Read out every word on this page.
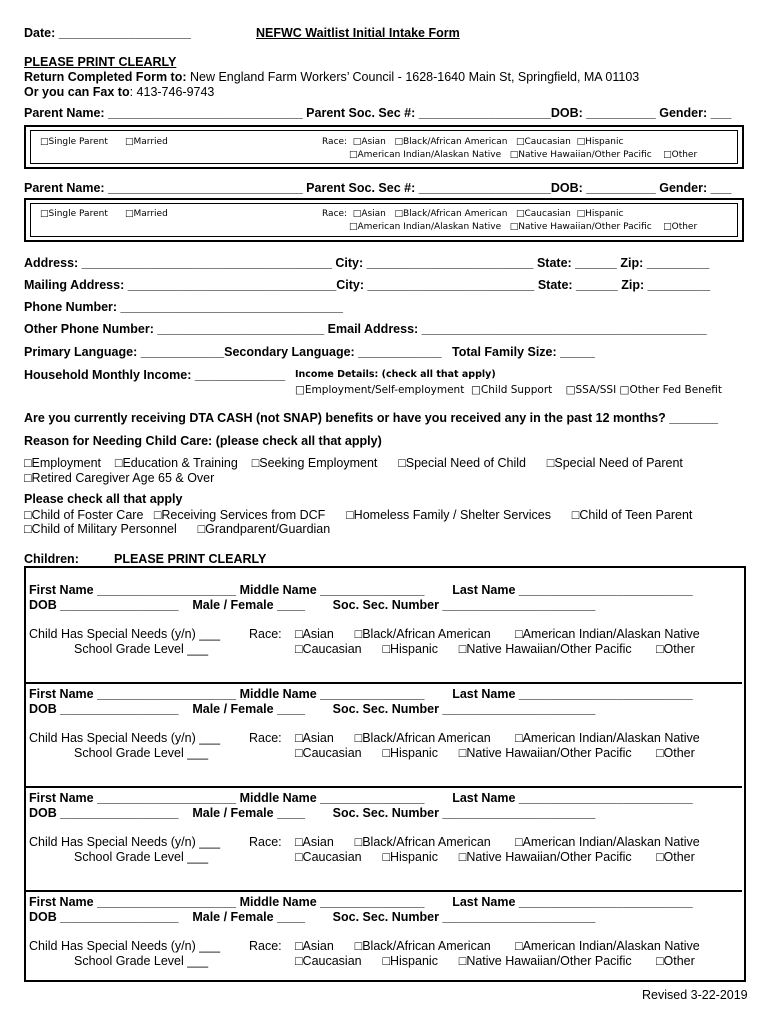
Date: ___________________	NEFWC Waitlist Initial Intake Form
PLEASE PRINT CLEARLY
Return Completed Form to: New England Farm Workers’ Council - 1628-1640 Main St, Springfield, MA 01103
Or you can Fax to: 413-746-9743
Parent Name: ____________________________ Parent Soc. Sec #: ___________________DOB: __________ Gender: ___
□Single Parent □Married	Race:  □Asian   □Black/African American   □Caucasian  □Hispanic
□American Indian/Alaskan Native   □Native Hawaiian/Other Pacific    □Other
Parent Name: ____________________________ Parent Soc. Sec #: ___________________DOB: __________ Gender: ___
□Single Parent □Married	Race:  □Asian   □Black/African American   □Caucasian  □Hispanic
□American Indian/Alaskan Native   □Native Hawaiian/Other Pacific    □Other
Address: ____________________________________ City: ________________________ State: ______ Zip: _________
Mailing Address: ______________________________City: ________________________ State: ______ Zip: _________
Phone Number: ________________________________
Other Phone Number: ________________________ Email Address: _________________________________________
Primary Language: ____________Secondary Language: ____________   Total Family Size: _____
Household Monthly Income: _____________ Income Details: (check all that apply)
□Employment/Self-employment  □Child Support    □SSA/SSI □Other Fed Benefit
Are you currently receiving DTA CASH (not SNAP) benefits or have you received any in the past 12 months? _______
Reason for Needing Child Care: (please check all that apply)
□Employment    □Education & Training    □Seeking Employment      □Special Need of Child      □Special Need of Parent
□Retired Caregiver Age 65 & Over
Please check all that apply
□Child of Foster Care   □Receiving Services from DCF      □Homeless Family / Shelter Services      □Child of Teen Parent
□Child of Military Personnel      □Grandparent/Guardian
Children:	PLEASE PRINT CLEARLY
First Name ____________________ Middle Name _______________        Last Name _________________________
DOB _________________    Male / Female ____        Soc. Sec. Number ______________________
Child Has Special Needs (y/n) ___ Race: □Asian      □Black/African American       □American Indian/Alaskan Native
School Grade Level ___	□Caucasian      □Hispanic      □Native Hawaiian/Other Pacific       □Other
First Name ____________________ Middle Name _______________        Last Name _________________________
DOB _________________    Male / Female ____        Soc. Sec. Number ______________________
Child Has Special Needs (y/n) ___ Race: □Asian      □Black/African American       □American Indian/Alaskan Native
School Grade Level ___	□Caucasian      □Hispanic      □Native Hawaiian/Other Pacific       □Other
First Name ____________________ Middle Name _______________        Last Name _________________________
DOB _________________    Male / Female ____        Soc. Sec. Number ______________________
Child Has Special Needs (y/n) ___ Race: □Asian      □Black/African American       □American Indian/Alaskan Native
School Grade Level ___	□Caucasian      □Hispanic      □Native Hawaiian/Other Pacific       □Other
First Name ____________________ Middle Name _______________        Last Name _________________________
DOB _________________    Male / Female ____        Soc. Sec. Number ______________________
Child Has Special Needs (y/n) ___ Race: □Asian      □Black/African American       □American Indian/Alaskan Native
School Grade Level ___	□Caucasian      □Hispanic      □Native Hawaiian/Other Pacific       □Other
Revised 3-22-2019
